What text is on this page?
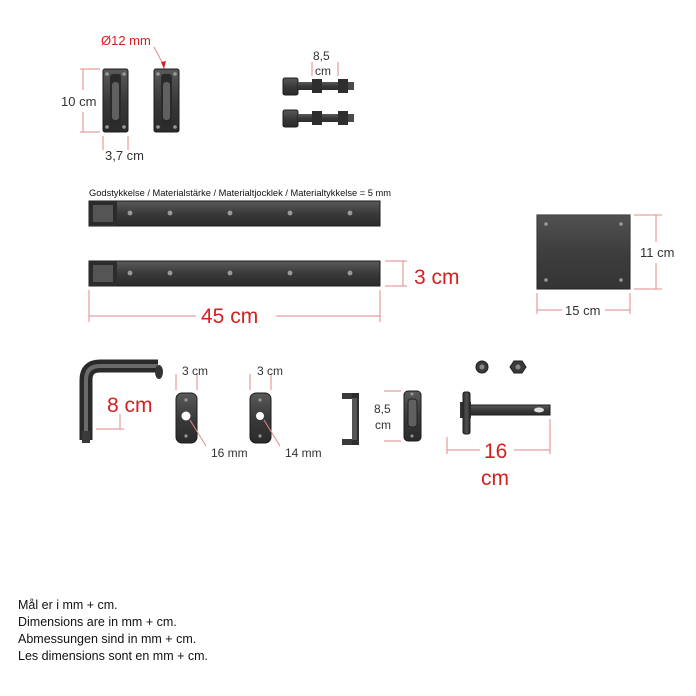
Ø12 mm
10 cm
3,7 cm
8,5
cm
Godstykkelse / Materialstärke / Materialtjocklek / Materialtykkelse = 5 mm
3 cm
45 cm
11 cm
15 cm
8 cm
3 cm
16 mm
3 cm
14 mm
8,5
cm
16
cm
Mål er i mm + cm.
Dimensions are in mm + cm.
Abmessungen sind in mm + cm.
Les dimensions sont en mm + cm.
